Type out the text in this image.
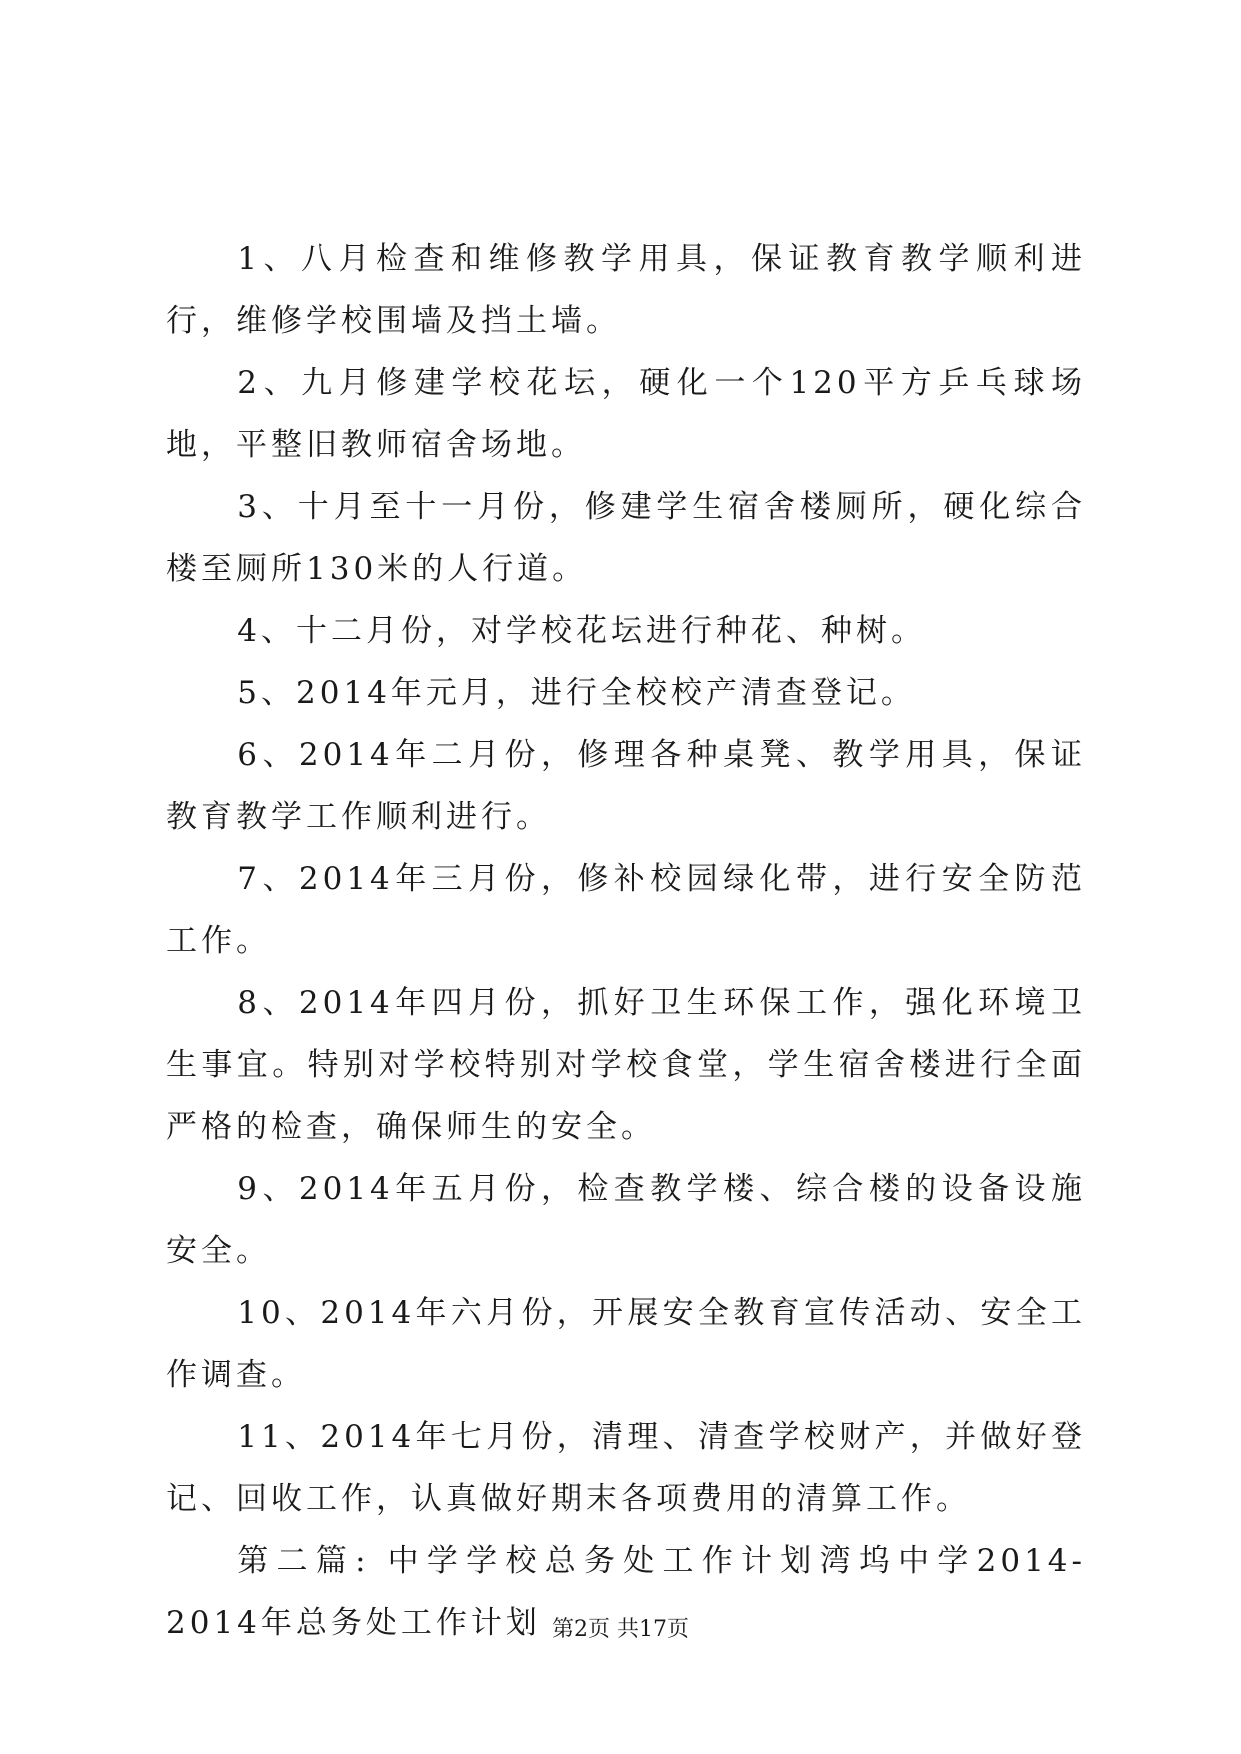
1、八月检查和维修教学用具，保证教育教学顺利进行，维修学校围墙及挡土墙。

2、九月修建学校花坛，硬化一个120平方乒乓球场地，平整旧教师宿舍场地。

3、十月至十一月份，修建学生宿舍楼厕所，硬化综合楼至厕所130米的人行道。

4、十二月份，对学校花坛进行种花、种树。

5、2014年元月，进行全校校产清查登记。

6、2014年二月份，修理各种桌凳、教学用具，保证教育教学工作顺利进行。

7、2014年三月份，修补校园绿化带，进行安全防范工作。

8、2014年四月份，抓好卫生环保工作，强化环境卫生事宜。特别对学校特别对学校食堂，学生宿舍楼进行全面严格的检查，确保师生的安全。

9、2014年五月份，检查教学楼、综合楼的设备设施安全。

10、2014年六月份，开展安全教育宣传活动、安全工作调查。

11、2014年七月份，清理、清查学校财产，并做好登记、回收工作，认真做好期末各项费用的清算工作。

第二篇: 中学学校总务处工作计划湾坞中学2014-2014年总务处工作计划 第2页 共17页
